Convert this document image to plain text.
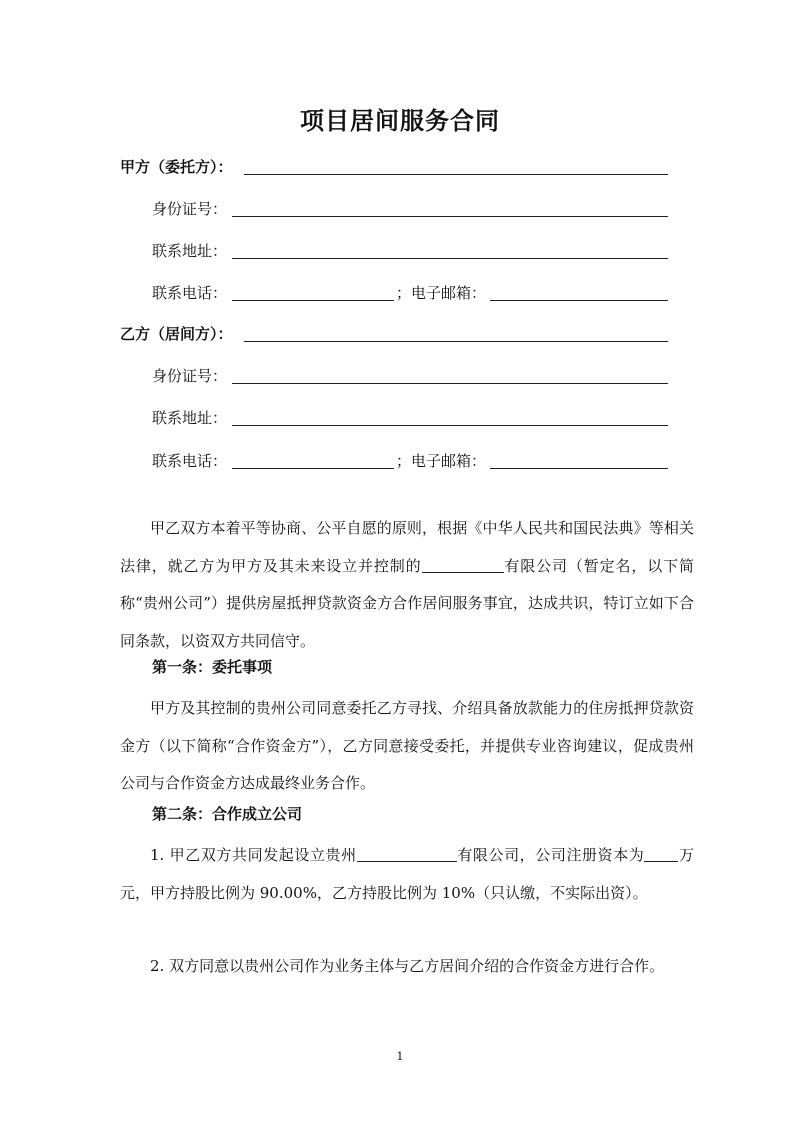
项目居间服务合同
甲方（委托方）：
身份证号：
联系地址：
联系电话：	；电子邮箱：
乙方（居间方）：
身份证号：
联系地址：
联系电话：	；电子邮箱：
甲乙双方本着平等协商、公平自愿的原则，根据《中华人民共和国民法典》等相关法律，就乙方为甲方及其未来设立并控制的	有限公司（暂定名，以下简称“贵州公司”）提供房屋抵押贷款资金方合作居间服务事宜，达成共识，特订立如下合同条款，以资双方共同信守。
第一条：委托事项
甲方及其控制的贵州公司同意委托乙方寻找、介绍具备放款能力的住房抵押贷款资金方（以下简称“合作资金方”），乙方同意接受委托，并提供专业咨询建议，促成贵州公司与合作资金方达成最终业务合作。
第二条：合作成立公司
1. 甲乙双方共同发起设立贵州	有限公司，公司注册资本为 万元，甲方持股比例为 90.00%，乙方持股比例为 10%（只认缴，不实际出资）。
2. 双方同意以贵州公司作为业务主体与乙方居间介绍的合作资金方进行合作。
1
